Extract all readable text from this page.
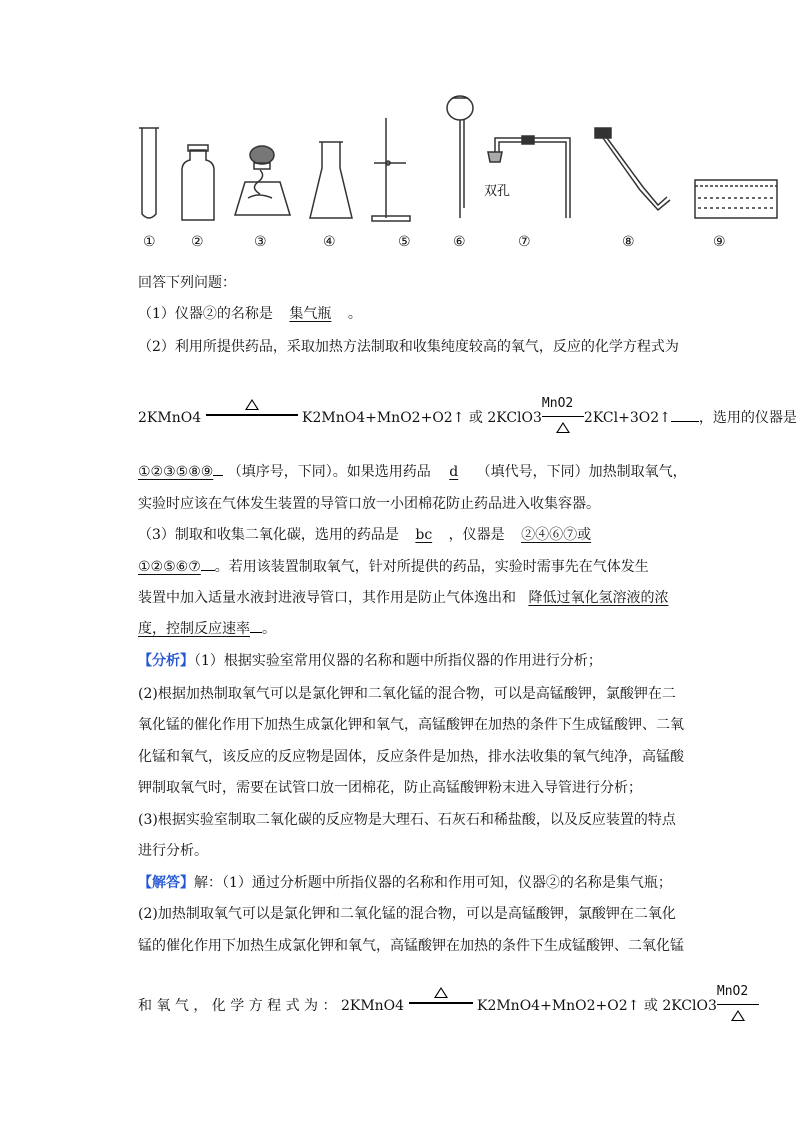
双孔
①	②	③	④	⑤	⑥	⑦	⑧	⑨
回答下列问题：
（1）仪器②的名称是 集气瓶 。
（2）利用所提供药品，采取加热方法制取和收集纯度较高的氧气，反应的化学方程式为
2KMnO4	K2MnO4+MnO2+O2↑ 或 2KClO3
MnO2
2KCl+3O2↑ ，选用的仪器是
①②③⑤⑧⑨ （填序号，下同）。如果选用药品 d （填代号，下同）加热制取氧气，
实验时应该在气体发生装置的导管口放一小团棉花防止药品进入收集容器。
（3）制取和收集二氧化碳，选用的药品是 bc ，仪器是 ②④⑥⑦或
①②⑤⑥⑦ 。若用该装置制取氧气，针对所提供的药品，实验时需事先在气体发生
装置中加入适量水液封进液导管口，其作用是防止气体逸出和 降低过氧化氢溶液的浓
度，控制反应速率 。
【分析】（1）根据实验室常用仪器的名称和题中所指仪器的作用进行分析；
(2)根据加热制取氧气可以是氯化钾和二氧化锰的混合物，可以是高锰酸钾，氯酸钾在二
氧化锰的催化作用下加热生成氯化钾和氧气，高锰酸钾在加热的条件下生成锰酸钾、二氧
化锰和氧气，该反应的反应物是固体，反应条件是加热，排水法收集的氧气纯净，高锰酸
钾制取氧气时，需要在试管口放一团棉花，防止高锰酸钾粉末进入导管进行分析；
(3)根据实验室制取二氧化碳的反应物是大理石、石灰石和稀盐酸，以及反应装置的特点
进行分析。
【解答】解：（1）通过分析题中所指仪器的名称和作用可知，仪器②的名称是集气瓶；
(2)加热制取氧气可以是氯化钾和二氧化锰的混合物，可以是高锰酸钾，氯酸钾在二氧化
锰的催化作用下加热生成氯化钾和氧气，高锰酸钾在加热的条件下生成锰酸钾、二氧化锰
和 氧 气 ， 化 学 方 程 式 为 ： 2KMnO4	K2MnO4+MnO2+O2↑ 或 2KClO3
MnO2
